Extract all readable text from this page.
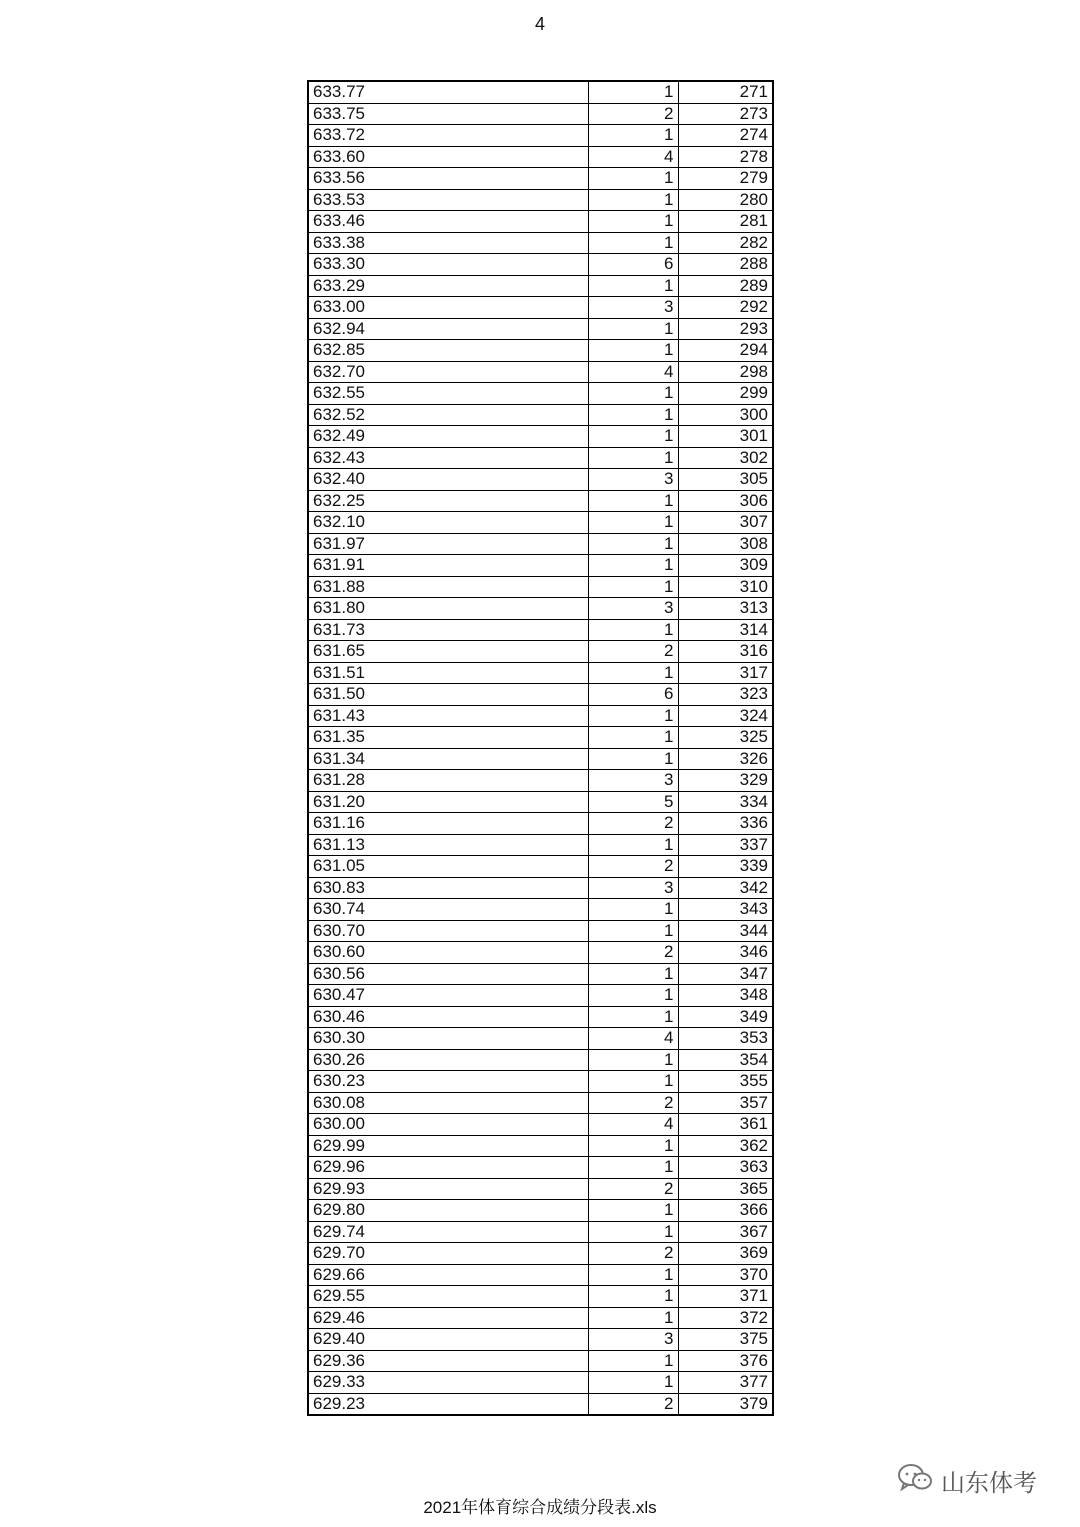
4
633.77	1	271
633.75	2	273
633.72	1	274
633.60	4	278
633.56	1	279
633.53	1	280
633.46	1	281
633.38	1	282
633.30	6	288
633.29	1	289
633.00	3	292
632.94	1	293
632.85	1	294
632.70	4	298
632.55	1	299
632.52	1	300
632.49	1	301
632.43	1	302
632.40	3	305
632.25	1	306
632.10	1	307
631.97	1	308
631.91	1	309
631.88	1	310
631.80	3	313
631.73	1	314
631.65	2	316
631.51	1	317
631.50	6	323
631.43	1	324
631.35	1	325
631.34	1	326
631.28	3	329
631.20	5	334
631.16	2	336
631.13	1	337
631.05	2	339
630.83	3	342
630.74	1	343
630.70	1	344
630.60	2	346
630.56	1	347
630.47	1	348
630.46	1	349
630.30	4	353
630.26	1	354
630.23	1	355
630.08	2	357
630.00	4	361
629.99	1	362
629.96	1	363
629.93	2	365
629.80	1	366
629.74	1	367
629.70	2	369
629.66	1	370
629.55	1	371
629.46	1	372
629.40	3	375
629.36	1	376
629.33	1	377
629.23	2	379
2021年体育综合成绩分段表.xls
山东体考
